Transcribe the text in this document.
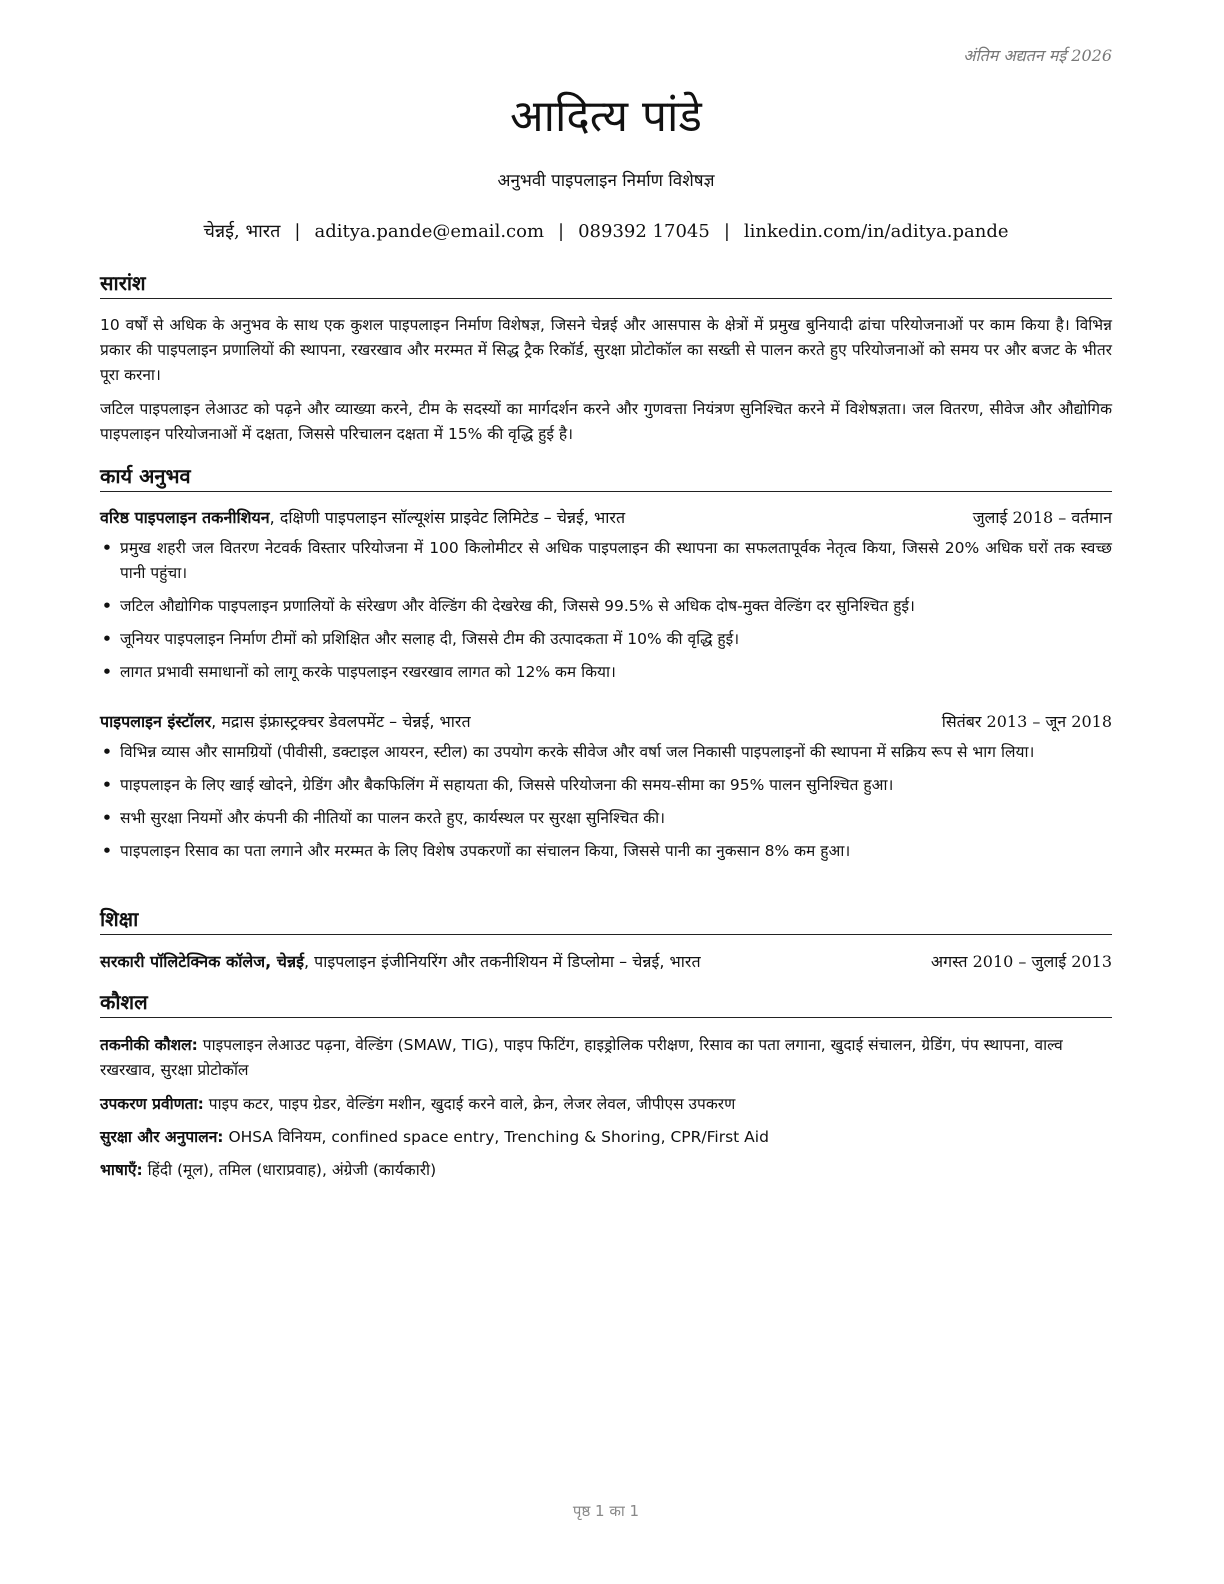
अंतिम अद्यतन मई 2026
आदित्य पांडे
अनुभवी पाइपलाइन निर्माण विशेषज्ञ
चेन्नई, भारत | aditya.pande@email.com | 089392 17045 | linkedin.com/in/aditya.pande
सारांश

10 वर्षों से अधिक के अनुभव के साथ एक कुशल पाइपलाइन निर्माण विशेषज्ञ, जिसने चेन्नई और आसपास के क्षेत्रों में प्रमुख बुनियादी ढांचा परियोजनाओं पर काम किया है। विभिन्न प्रकार की पाइपलाइन प्रणालियों की स्थापना, रखरखाव और मरम्मत में सिद्ध ट्रैक रिकॉर्ड, सुरक्षा प्रोटोकॉल का सख्ती से पालन करते हुए परियोजनाओं को समय पर और बजट के भीतर पूरा करना।

जटिल पाइपलाइन लेआउट को पढ़ने और व्याख्या करने, टीम के सदस्यों का मार्गदर्शन करने और गुणवत्ता नियंत्रण सुनिश्चित करने में विशेषज्ञता। जल वितरण, सीवेज और औद्योगिक पाइपलाइन परियोजनाओं में दक्षता, जिससे परिचालन दक्षता में 15% की वृद्धि हुई है।

कार्य अनुभव
वरिष्ठ पाइपलाइन तकनीशियन, दक्षिणी पाइपलाइन सॉल्यूशंस प्राइवेट लिमिटेड – चेन्नई, भारत	जुलाई 2018 – वर्तमान
• प्रमुख शहरी जल वितरण नेटवर्क विस्तार परियोजना में 100 किलोमीटर से अधिक पाइपलाइन की स्थापना का सफलतापूर्वक नेतृत्व किया, जिससे 20% अधिक घरों तक स्वच्छ पानी पहुंचा।
• जटिल औद्योगिक पाइपलाइन प्रणालियों के संरेखण और वेल्डिंग की देखरेख की, जिससे 99.5% से अधिक दोष-मुक्त वेल्डिंग दर सुनिश्चित हुई।
• जूनियर पाइपलाइन निर्माण टीमों को प्रशिक्षित और सलाह दी, जिससे टीम की उत्पादकता में 10% की वृद्धि हुई।
• लागत प्रभावी समाधानों को लागू करके पाइपलाइन रखरखाव लागत को 12% कम किया।
पाइपलाइन इंस्टॉलर, मद्रास इंफ्रास्ट्रक्चर डेवलपमेंट – चेन्नई, भारत	सितंबर 2013 – जून 2018
• विभिन्न व्यास और सामग्रियों (पीवीसी, डक्टाइल आयरन, स्टील) का उपयोग करके सीवेज और वर्षा जल निकासी पाइपलाइनों की स्थापना में सक्रिय रूप से भाग लिया।
• पाइपलाइन के लिए खाई खोदने, ग्रेडिंग और बैकफिलिंग में सहायता की, जिससे परियोजना की समय-सीमा का 95% पालन सुनिश्चित हुआ।
• सभी सुरक्षा नियमों और कंपनी की नीतियों का पालन करते हुए, कार्यस्थल पर सुरक्षा सुनिश्चित की।
• पाइपलाइन रिसाव का पता लगाने और मरम्मत के लिए विशेष उपकरणों का संचालन किया, जिससे पानी का नुकसान 8% कम हुआ।
शिक्षा
सरकारी पॉलिटेक्निक कॉलेज, चेन्नई, पाइपलाइन इंजीनियरिंग और तकनीशियन में डिप्लोमा – चेन्नई, भारत	अगस्त 2010 – जुलाई 2013
कौशल
तकनीकी कौशल: पाइपलाइन लेआउट पढ़ना, वेल्डिंग (SMAW, TIG), पाइप फिटिंग, हाइड्रोलिक परीक्षण, रिसाव का पता लगाना, खुदाई संचालन, ग्रेडिंग, पंप स्थापना, वाल्व रखरखाव, सुरक्षा प्रोटोकॉल
उपकरण प्रवीणता: पाइप कटर, पाइप ग्रेडर, वेल्डिंग मशीन, खुदाई करने वाले, क्रेन, लेजर लेवल, जीपीएस उपकरण
सुरक्षा और अनुपालन: OHSA विनियम, confined space entry, Trenching & Shoring, CPR/First Aid
भाषाएँ: हिंदी (मूल), तमिल (धाराप्रवाह), अंग्रेजी (कार्यकारी)
पृष्ठ 1 का 1
